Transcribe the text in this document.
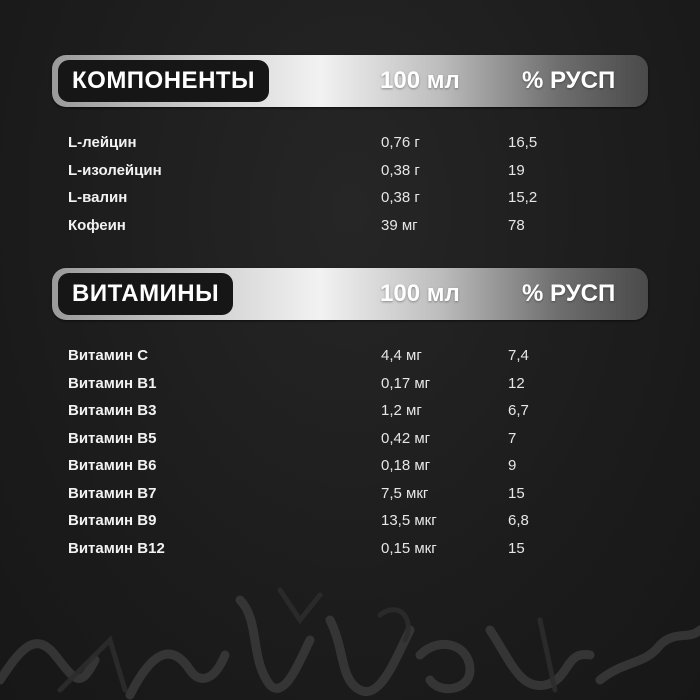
КОМПОНЕНТЫ	100 мл	% РУСП
L-лейцин	0,76 г	16,5
L-изолейцин	0,38 г	19
L-валин	0,38 г	15,2
Кофеин	39 мг	78
ВИТАМИНЫ	100 мл	% РУСП
Витамин С	4,4 мг	7,4
Витамин В1	0,17 мг	12
Витамин В3	1,2 мг	6,7
Витамин В5	0,42 мг	7
Витамин В6	0,18 мг	9
Витамин В7	7,5 мкг	15
Витамин В9	13,5 мкг	6,8
Витамин В12	0,15 мкг	15
